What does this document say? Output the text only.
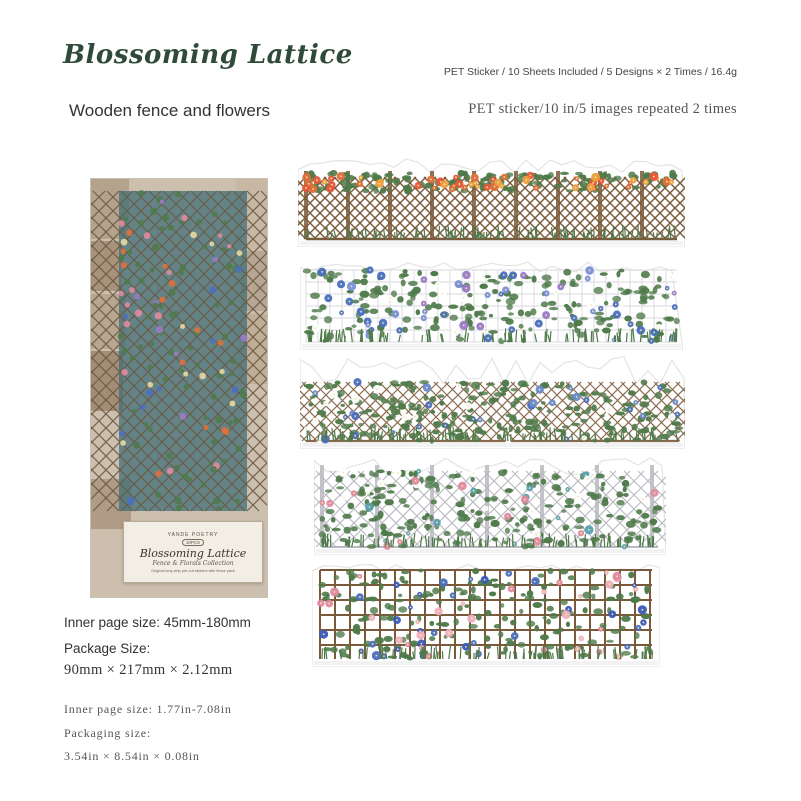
Blossoming Lattice
Wooden fence and flowers
PET Sticker / 10 Sheets Included / 5 Designs × 2 Times / 16.4g
PET sticker/10 in/5 images repeated 2 times
YANDE POETRY
10PCS
Blossoming Lattice
Fence & Florals Collection
Original long strip pre-cut stickers with fence pack
Inner page size: 45mm-180mm
Package Size:
90mm × 217mm × 2.12mm
Inner page size: 1.77in-7.08in
Packaging size:
3.54in × 8.54in × 0.08in
